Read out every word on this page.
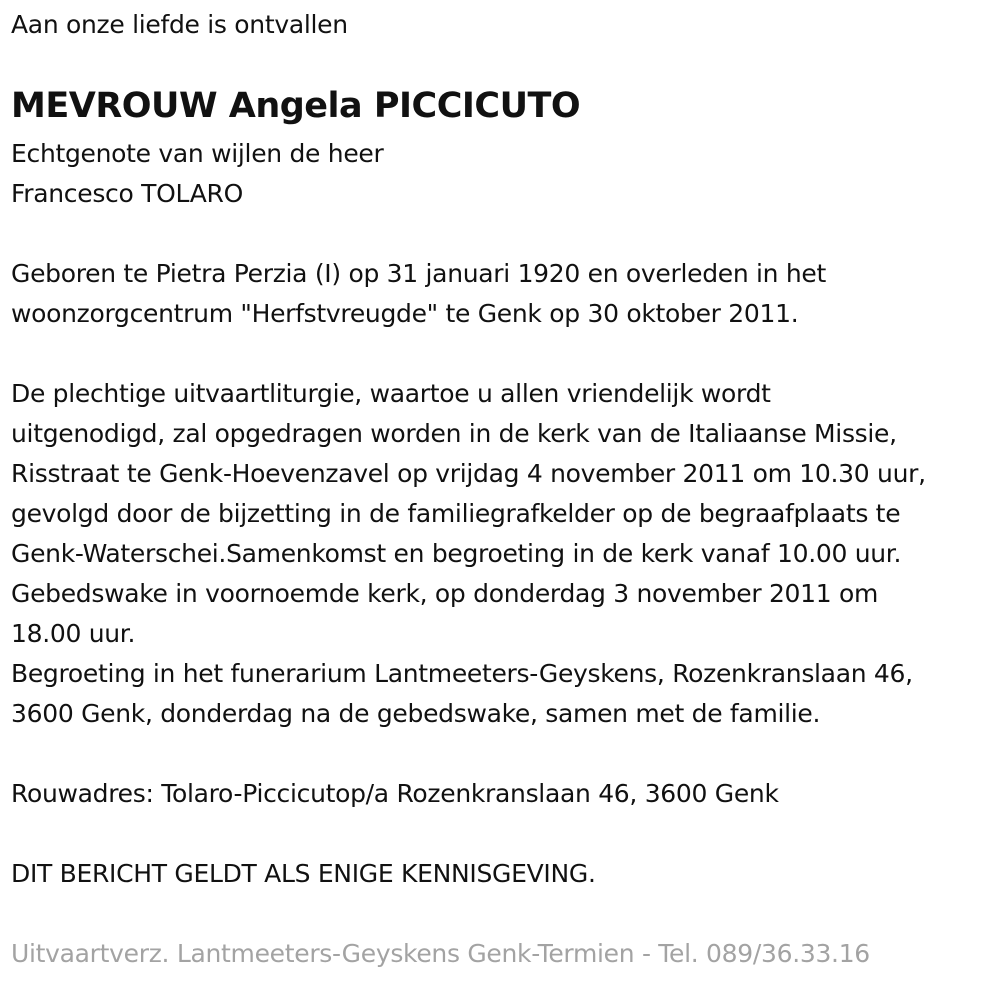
Aan onze liefde is ontvallen
MEVROUW Angela PICCICUTO
Echtgenote van wijlen de heer
Francesco TOLARO
Geboren te Pietra Perzia (I) op 31 januari 1920 en overleden in het
woonzorgcentrum "Herfstvreugde" te Genk op 30 oktober 2011.
De plechtige uitvaartliturgie, waartoe u allen vriendelijk wordt
uitgenodigd, zal opgedragen worden in de kerk van de Italiaanse Missie,
Risstraat te Genk-Hoevenzavel op vrijdag 4 november 2011 om 10.30 uur,
gevolgd door de bijzetting in de familiegrafkelder op de begraafplaats te
Genk-Waterschei.Samenkomst en begroeting in de kerk vanaf 10.00 uur.
Gebedswake in voornoemde kerk, op donderdag 3 november 2011 om
18.00 uur.
Begroeting in het funerarium Lantmeeters-Geyskens, Rozenkranslaan 46,
3600 Genk, donderdag na de gebedswake, samen met de familie.
Rouwadres: Tolaro-Piccicutop/a Rozenkranslaan 46, 3600 Genk
DIT BERICHT GELDT ALS ENIGE KENNISGEVING.
Uitvaartverz. Lantmeeters-Geyskens Genk-Termien - Tel. 089/36.33.16
